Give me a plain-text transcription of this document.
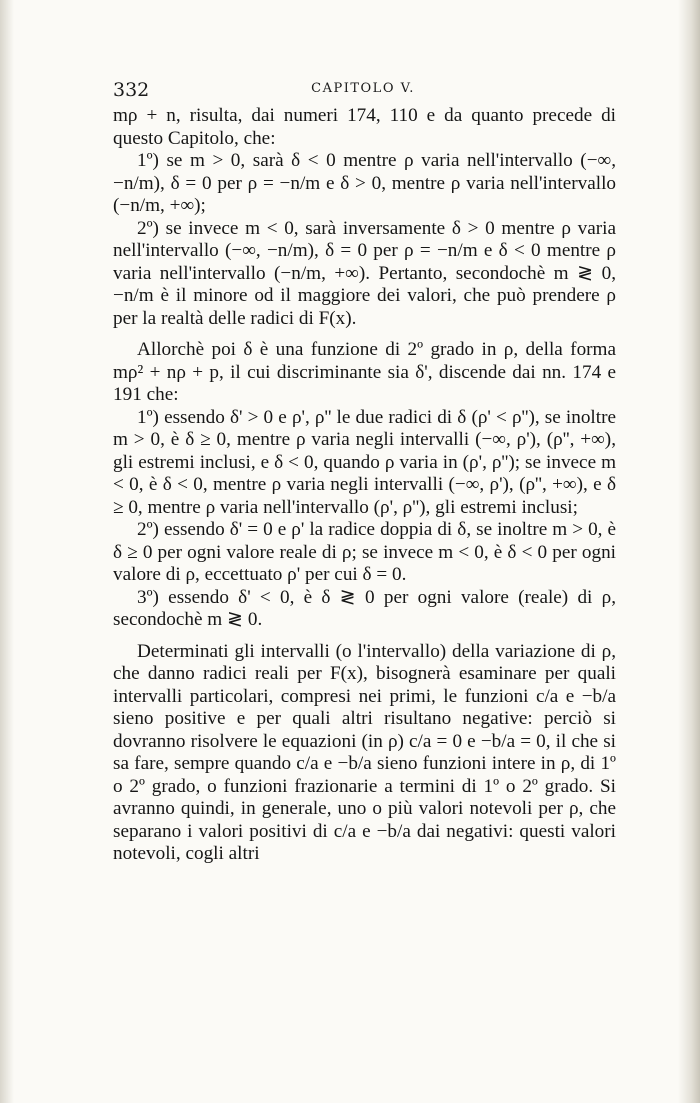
332	CAPITOLO V.

mρ + n, risulta, dai numeri 174, 110 e da quanto precede di questo Capitolo, che:

1º) se m > 0, sarà δ < 0 mentre ρ varia nell'intervallo (−∞, −n/m), δ = 0 per ρ = −n/m e δ > 0, mentre ρ varia nell'intervallo (−n/m, +∞);

2º) se invece m < 0, sarà inversamente δ > 0 mentre ρ varia nell'intervallo (−∞, −n/m), δ = 0 per ρ = −n/m e δ < 0 mentre ρ varia nell'intervallo (−n/m, +∞). Pertanto, secondochè m ≷ 0, −n/m è il minore od il maggiore dei valori, che può prendere ρ per la realtà delle radici di F(x).

Allorchè poi δ è una funzione di 2º grado in ρ, della forma mρ² + nρ + p, il cui discriminante sia δ', discende dai nn. 174 e 191 che:

1º) essendo δ' > 0 e ρ', ρ'' le due radici di δ (ρ' < ρ''), se inoltre m > 0, è δ ≥ 0, mentre ρ varia negli intervalli (−∞, ρ'), (ρ'', +∞), gli estremi inclusi, e δ < 0, quando ρ varia in (ρ', ρ''); se invece m < 0, è δ < 0, mentre ρ varia negli intervalli (−∞, ρ'), (ρ'', +∞), e δ ≥ 0, mentre ρ varia nell'intervallo (ρ', ρ''), gli estremi inclusi;

2º) essendo δ' = 0 e ρ' la radice doppia di δ, se inoltre m > 0, è δ ≥ 0 per ogni valore reale di ρ; se invece m < 0, è δ < 0 per ogni valore di ρ, eccettuato ρ' per cui δ = 0.

3º) essendo δ' < 0, è δ ≷ 0 per ogni valore (reale) di ρ, secondochè m ≷ 0.

Determinati gli intervalli (o l'intervallo) della variazione di ρ, che danno radici reali per F(x), bisognerà esaminare per quali intervalli particolari, compresi nei primi, le funzioni c/a e −b/a sieno positive e per quali altri risultano negative: perciò si dovranno risolvere le equazioni (in ρ) c/a = 0 e −b/a = 0, il che si sa fare, sempre quando c/a e −b/a sieno funzioni intere in ρ, di 1º o 2º grado, o funzioni frazionarie a termini di 1º o 2º grado. Si avranno quindi, in generale, uno o più valori notevoli per ρ, che separano i valori positivi di c/a e −b/a dai negativi: questi valori notevoli, cogli altri
